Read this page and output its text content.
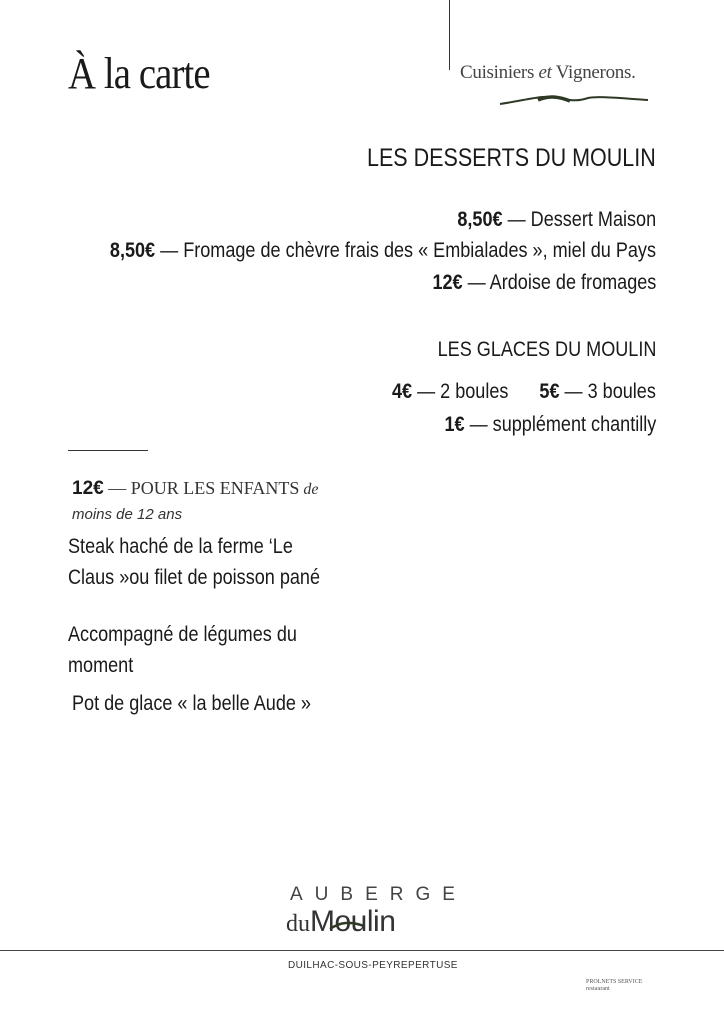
À la carte	Cuisiniers et Vignerons.
LES DESSERTS DU MOULIN
8,50€ — Dessert Maison
8,50€ — Fromage de chèvre frais des « Embialades », miel du Pays
12€ — Ardoise de fromages
LES GLACES DU MOULIN
4€ — 2 boules 5€ — 3 boules
1€ — supplément chantilly
12€ — POUR LES ENFANTS de
moins de 12 ans
Steak haché de la ferme ‘Le Claus »ou filet de poisson pané
Accompagné de légumes du moment
Pot de glace « la belle Aude »
AUBERGE
duMoulin
DUILHAC-SOUS-PEYREPERTUSE
PROLNETS SERVICE
restaurant
